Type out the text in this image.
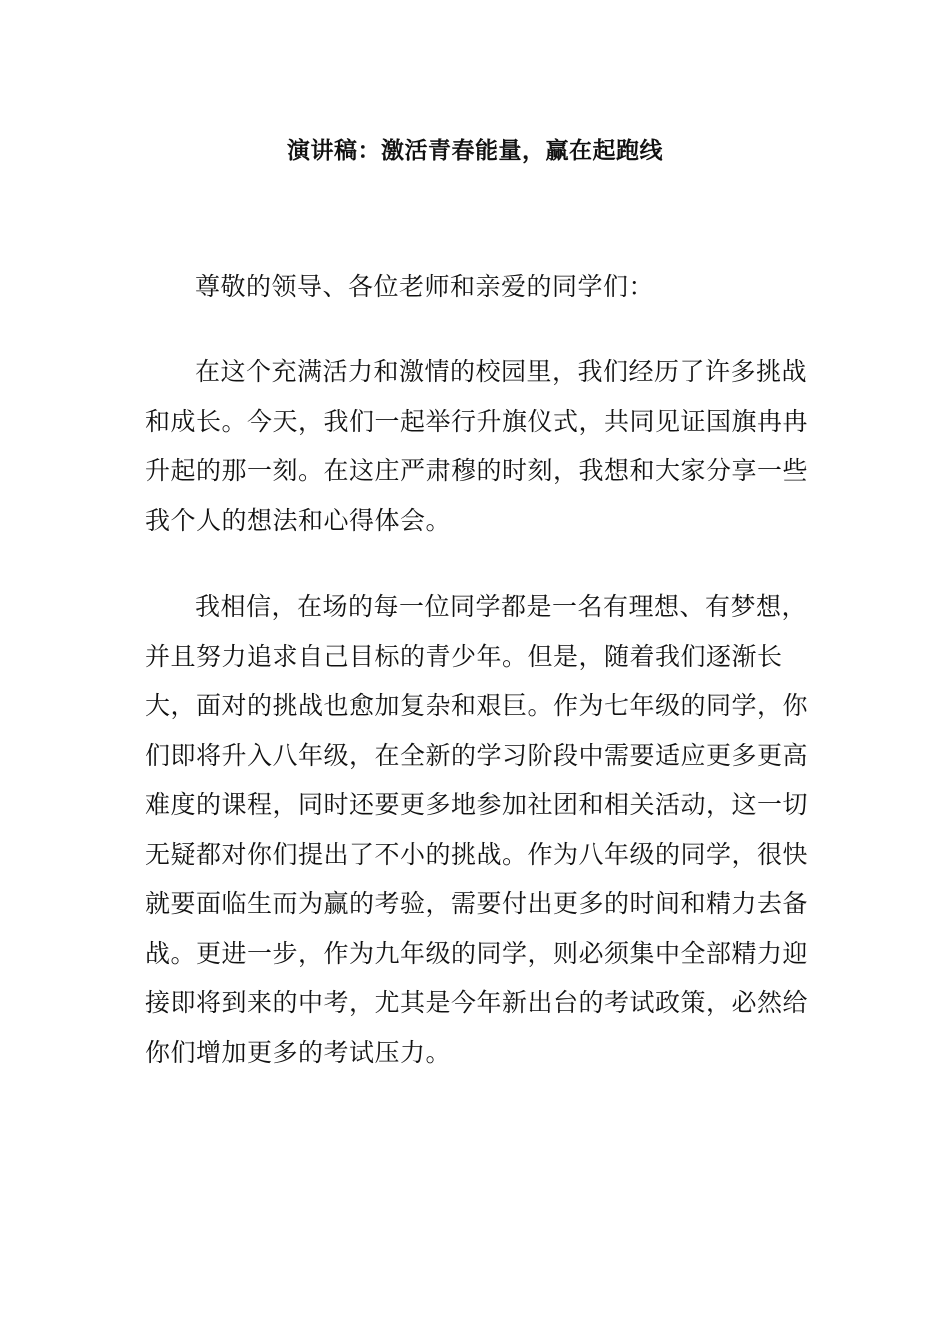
演讲稿：激活青春能量，赢在起跑线

尊敬的领导、各位老师和亲爱的同学们：

在这个充满活力和激情的校园里，我们经历了许多挑战和成长。今天，我们一起举行升旗仪式，共同见证国旗冉冉升起的那一刻。在这庄严肃穆的时刻，我想和大家分享一些我个人的想法和心得体会。

我相信，在场的每一位同学都是一名有理想、有梦想，并且努力追求自己目标的青少年。但是，随着我们逐渐长大，面对的挑战也愈加复杂和艰巨。作为七年级的同学，你们即将升入八年级，在全新的学习阶段中需要适应更多更高难度的课程，同时还要更多地参加社团和相关活动，这一切无疑都对你们提出了不小的挑战。作为八年级的同学，很快就要面临生而为赢的考验，需要付出更多的时间和精力去备战。更进一步，作为九年级的同学，则必须集中全部精力迎接即将到来的中考，尤其是今年新出台的考试政策，必然给你们增加更多的考试压力。
